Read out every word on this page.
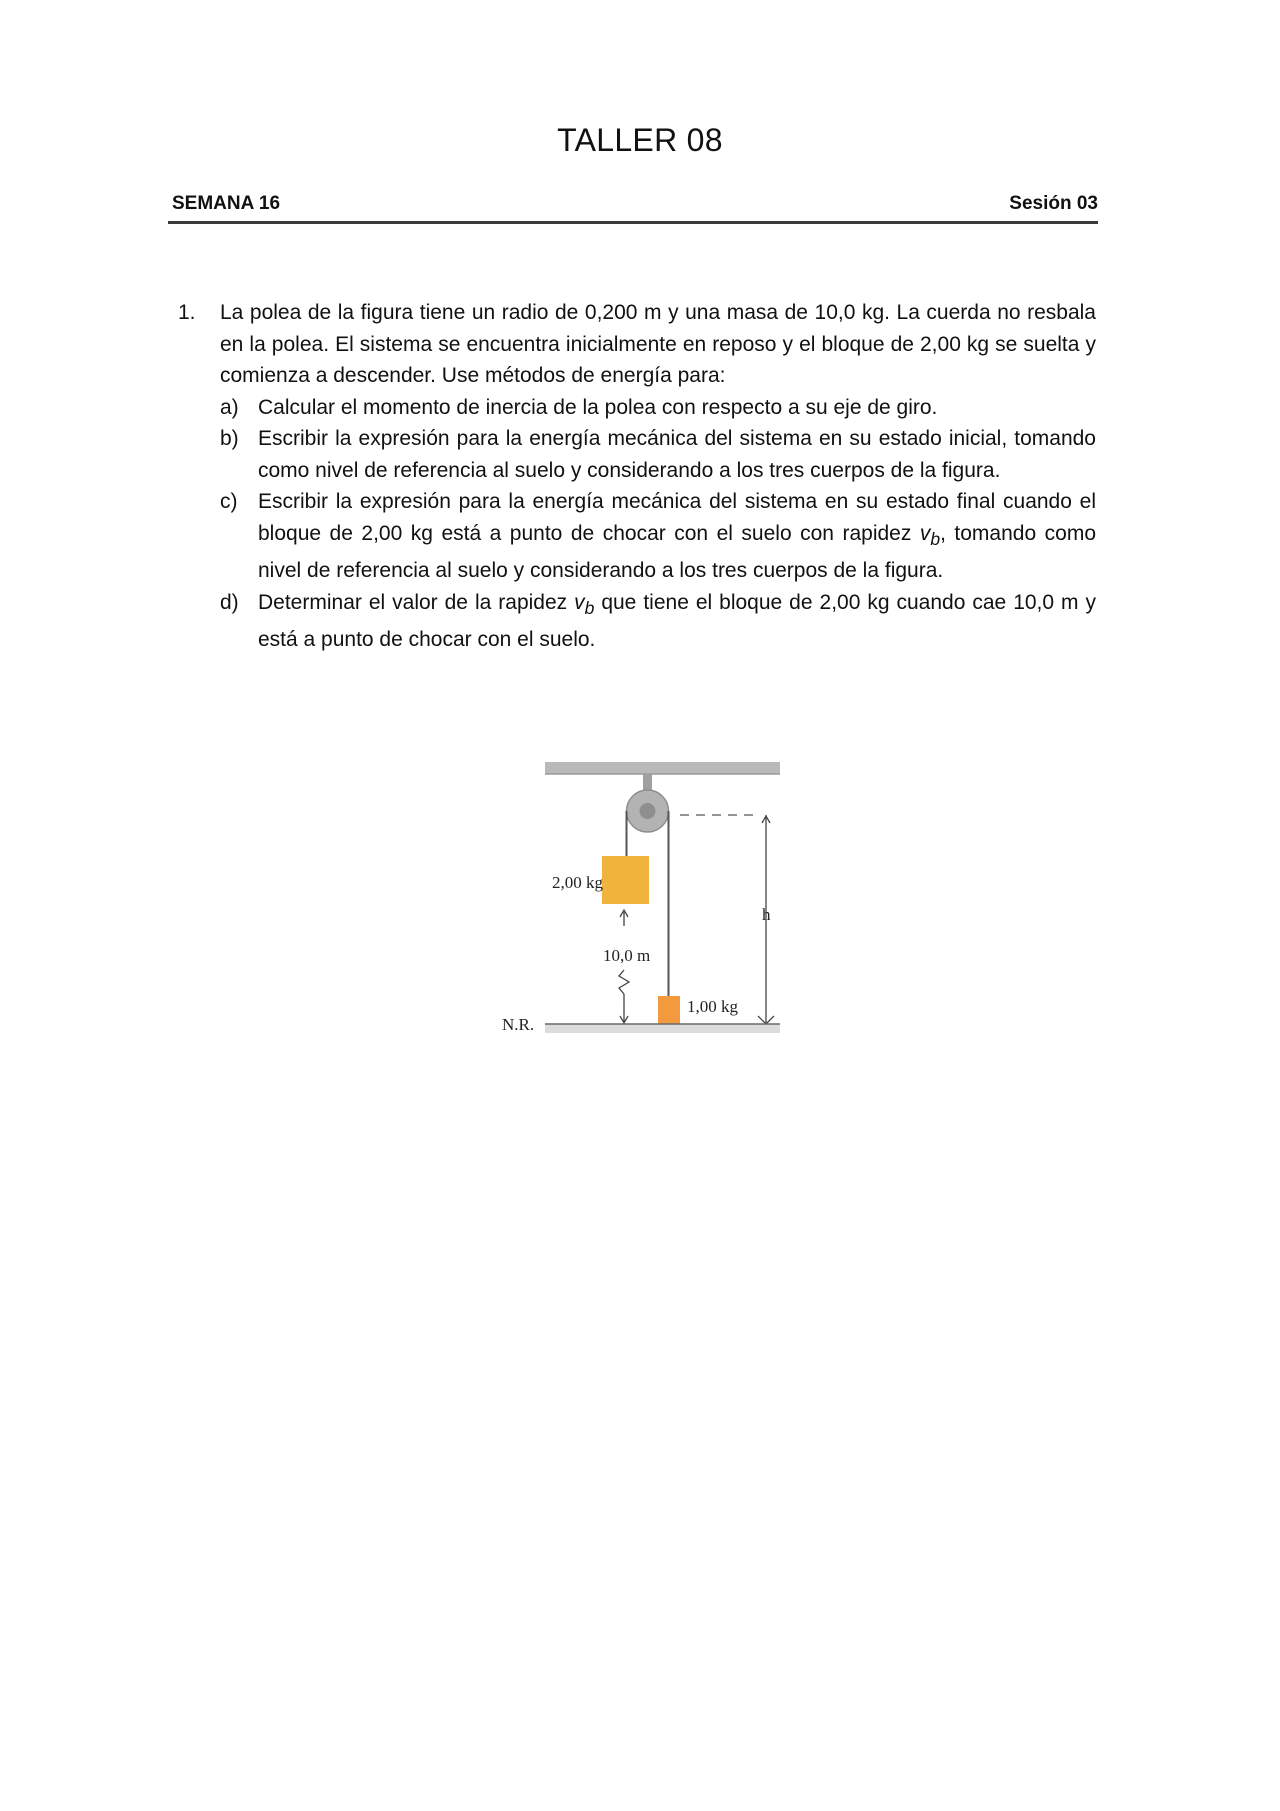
TALLER 08
SEMANA 16	Sesión 03
1. La polea de la figura tiene un radio de 0,200 m y una masa de 10,0 kg. La cuerda no resbala en la polea. El sistema se encuentra inicialmente en reposo y el bloque de 2,00 kg se suelta y comienza a descender. Use métodos de energía para:
a) Calcular el momento de inercia de la polea con respecto a su eje de giro.
b) Escribir la expresión para la energía mecánica del sistema en su estado inicial, tomando como nivel de referencia al suelo y considerando a los tres cuerpos de la figura.
c) Escribir la expresión para la energía mecánica del sistema en su estado final cuando el bloque de 2,00 kg está a punto de chocar con el suelo con rapidez $v_b$, tomando como nivel de referencia al suelo y considerando a los tres cuerpos de la figura.
d) Determinar el valor de la rapidez $v_b$ que tiene el bloque de 2,00 kg cuando cae 10,0 m y está a punto de chocar con el suelo.
2,00 kg
10,0 m
1,00 kg
h
N.R.
